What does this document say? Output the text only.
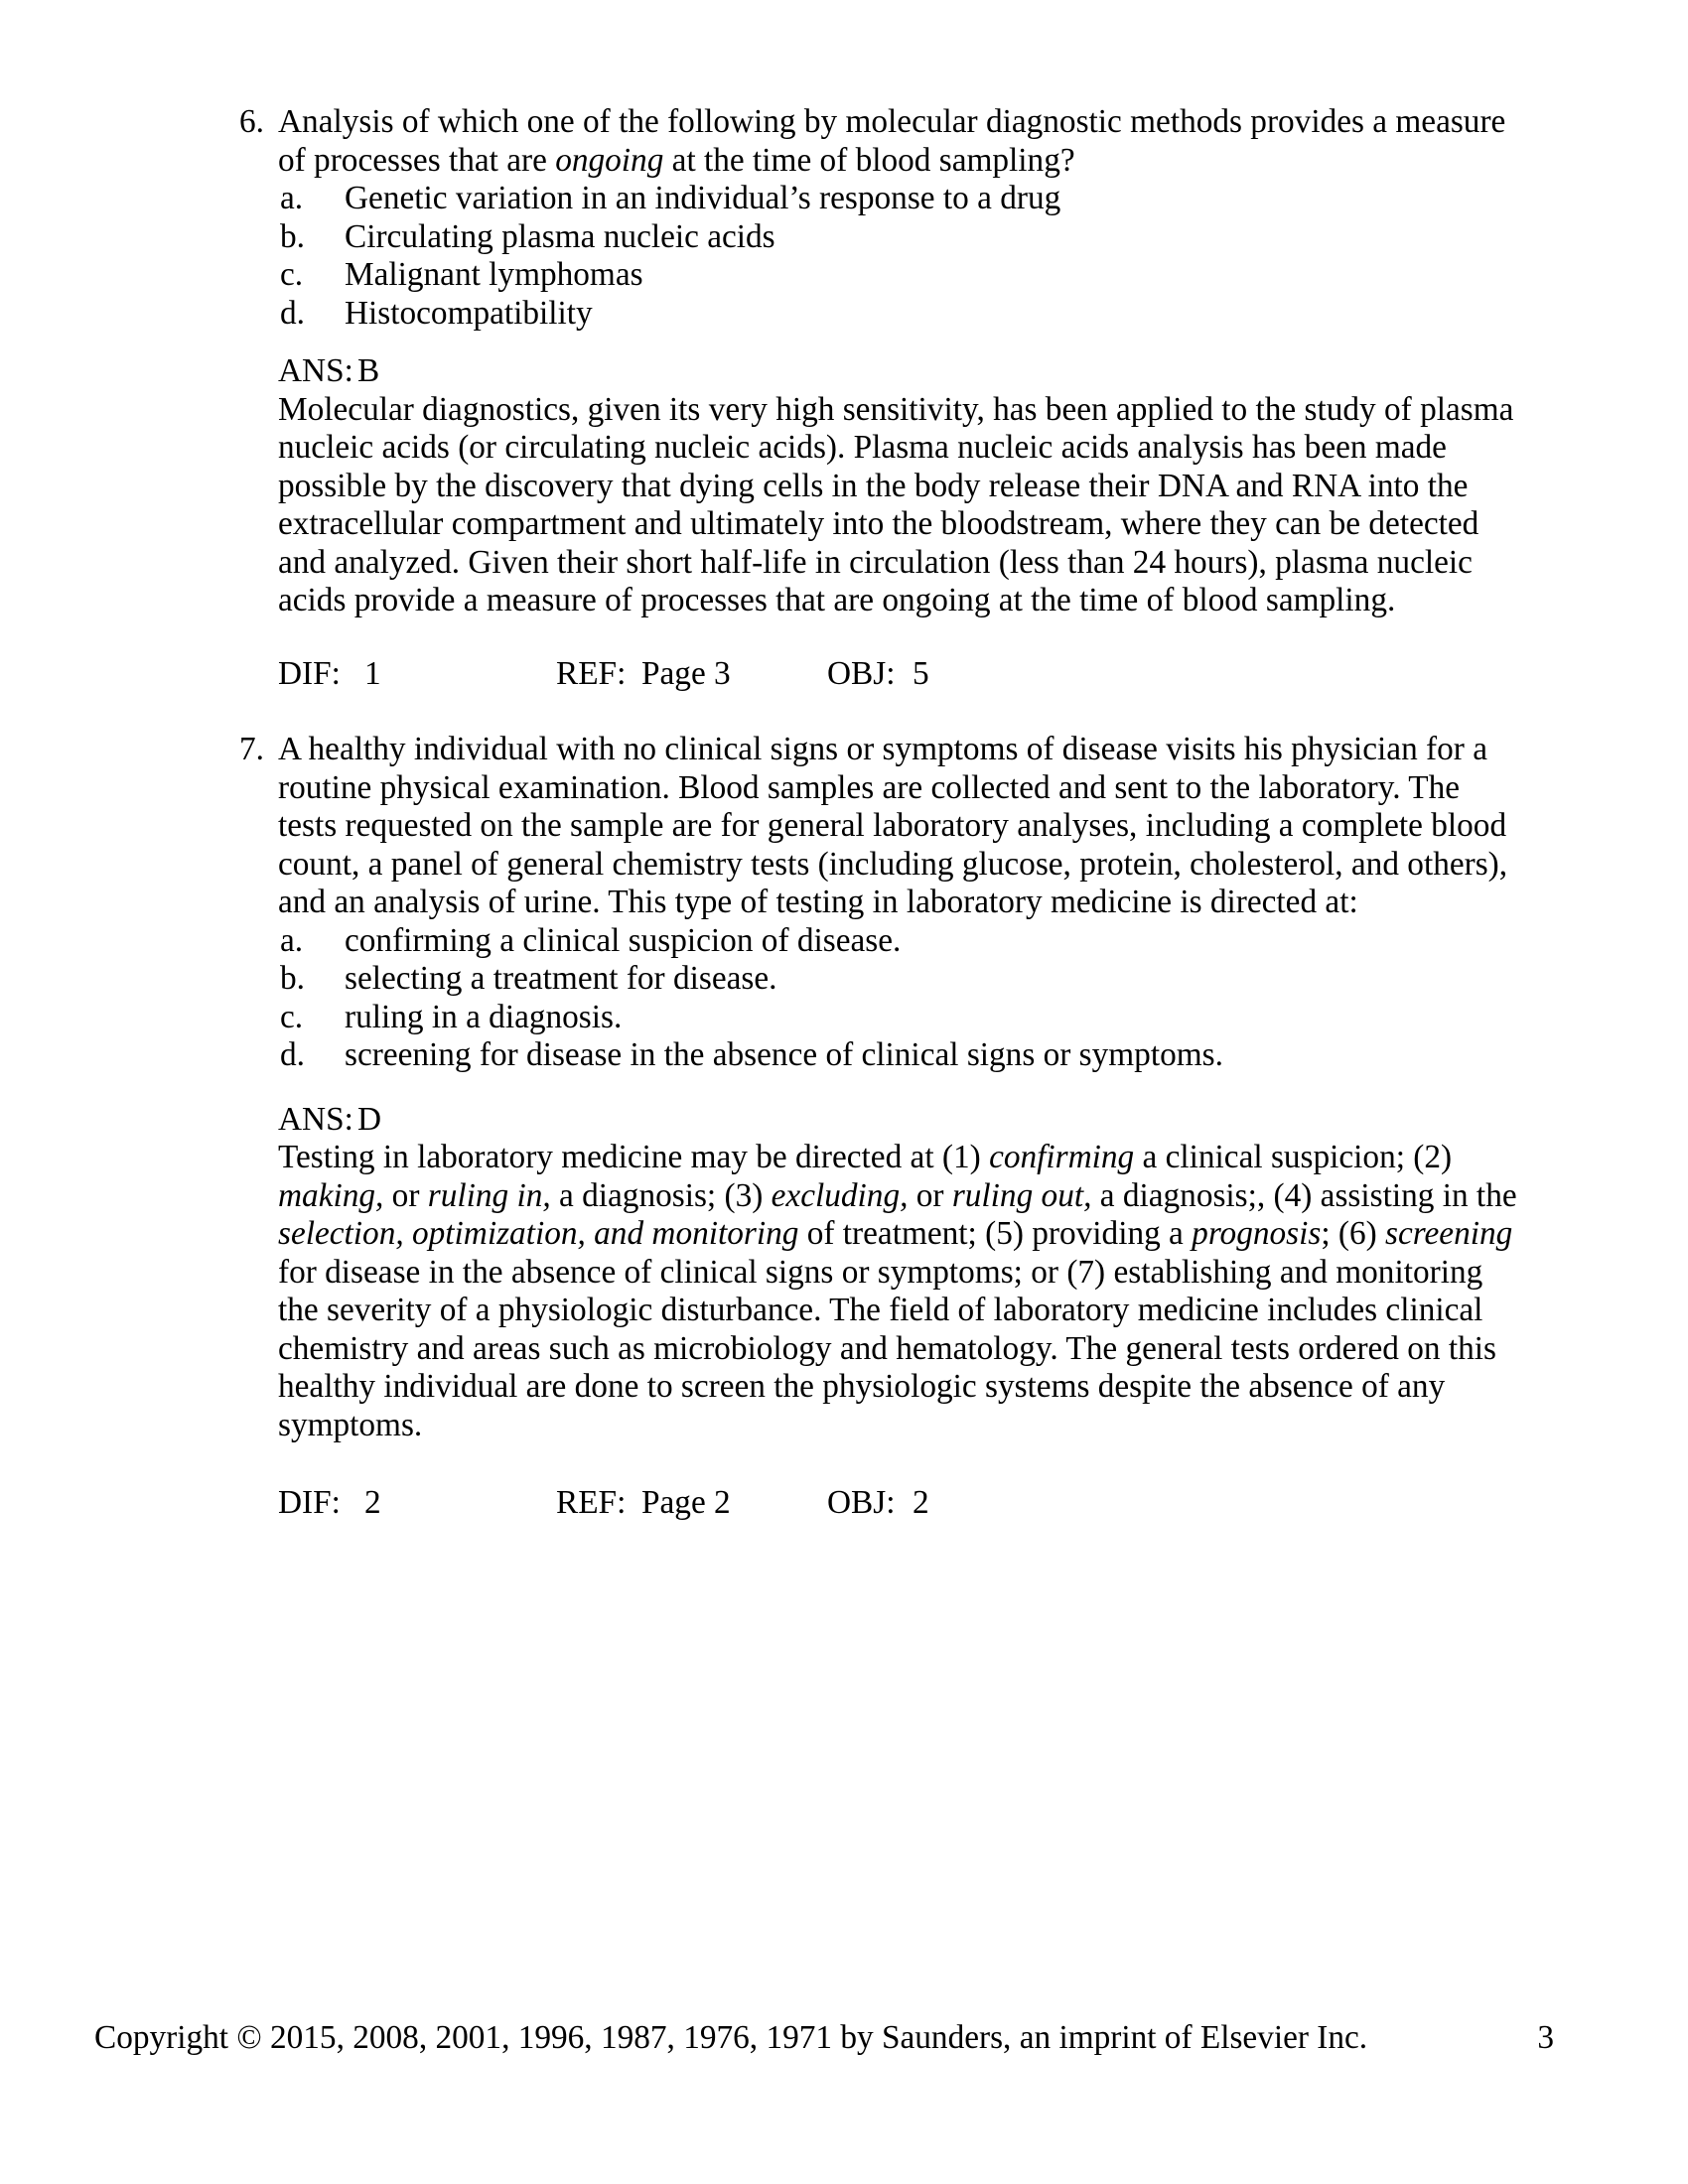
6. Analysis of which one of the following by molecular diagnostic methods provides a measure
of processes that are ongoing at the time of blood sampling?
a. Genetic variation in an individual’s response to a drug
b. Circulating plasma nucleic acids
c. Malignant lymphomas
d. Histocompatibility
ANS: B
Molecular diagnostics, given its very high sensitivity, has been applied to the study of plasma
nucleic acids (or circulating nucleic acids). Plasma nucleic acids analysis has been made
possible by the discovery that dying cells in the body release their DNA and RNA into the
extracellular compartment and ultimately into the bloodstream, where they can be detected
and analyzed. Given their short half-life in circulation (less than 24 hours), plasma nucleic
acids provide a measure of processes that are ongoing at the time of blood sampling.
DIF: 1	REF: Page 3	OBJ: 5
7. A healthy individual with no clinical signs or symptoms of disease visits his physician for a
routine physical examination. Blood samples are collected and sent to the laboratory. The
tests requested on the sample are for general laboratory analyses, including a complete blood
count, a panel of general chemistry tests (including glucose, protein, cholesterol, and others),
and an analysis of urine. This type of testing in laboratory medicine is directed at:
a. confirming a clinical suspicion of disease.
b. selecting a treatment for disease.
c. ruling in a diagnosis.
d. screening for disease in the absence of clinical signs or symptoms.
ANS: D
Testing in laboratory medicine may be directed at (1) confirming a clinical suspicion; (2)
making, or ruling in, a diagnosis; (3) excluding, or ruling out, a diagnosis;, (4) assisting in the
selection, optimization, and monitoring of treatment; (5) providing a prognosis; (6) screening
for disease in the absence of clinical signs or symptoms; or (7) establishing and monitoring
the severity of a physiologic disturbance. The field of laboratory medicine includes clinical
chemistry and areas such as microbiology and hematology. The general tests ordered on this
healthy individual are done to screen the physiologic systems despite the absence of any
symptoms.
DIF: 2	REF: Page 2	OBJ: 2
Copyright © 2015, 2008, 2001, 1996, 1987, 1976, 1971 by Saunders, an imprint of Elsevier Inc.	3
